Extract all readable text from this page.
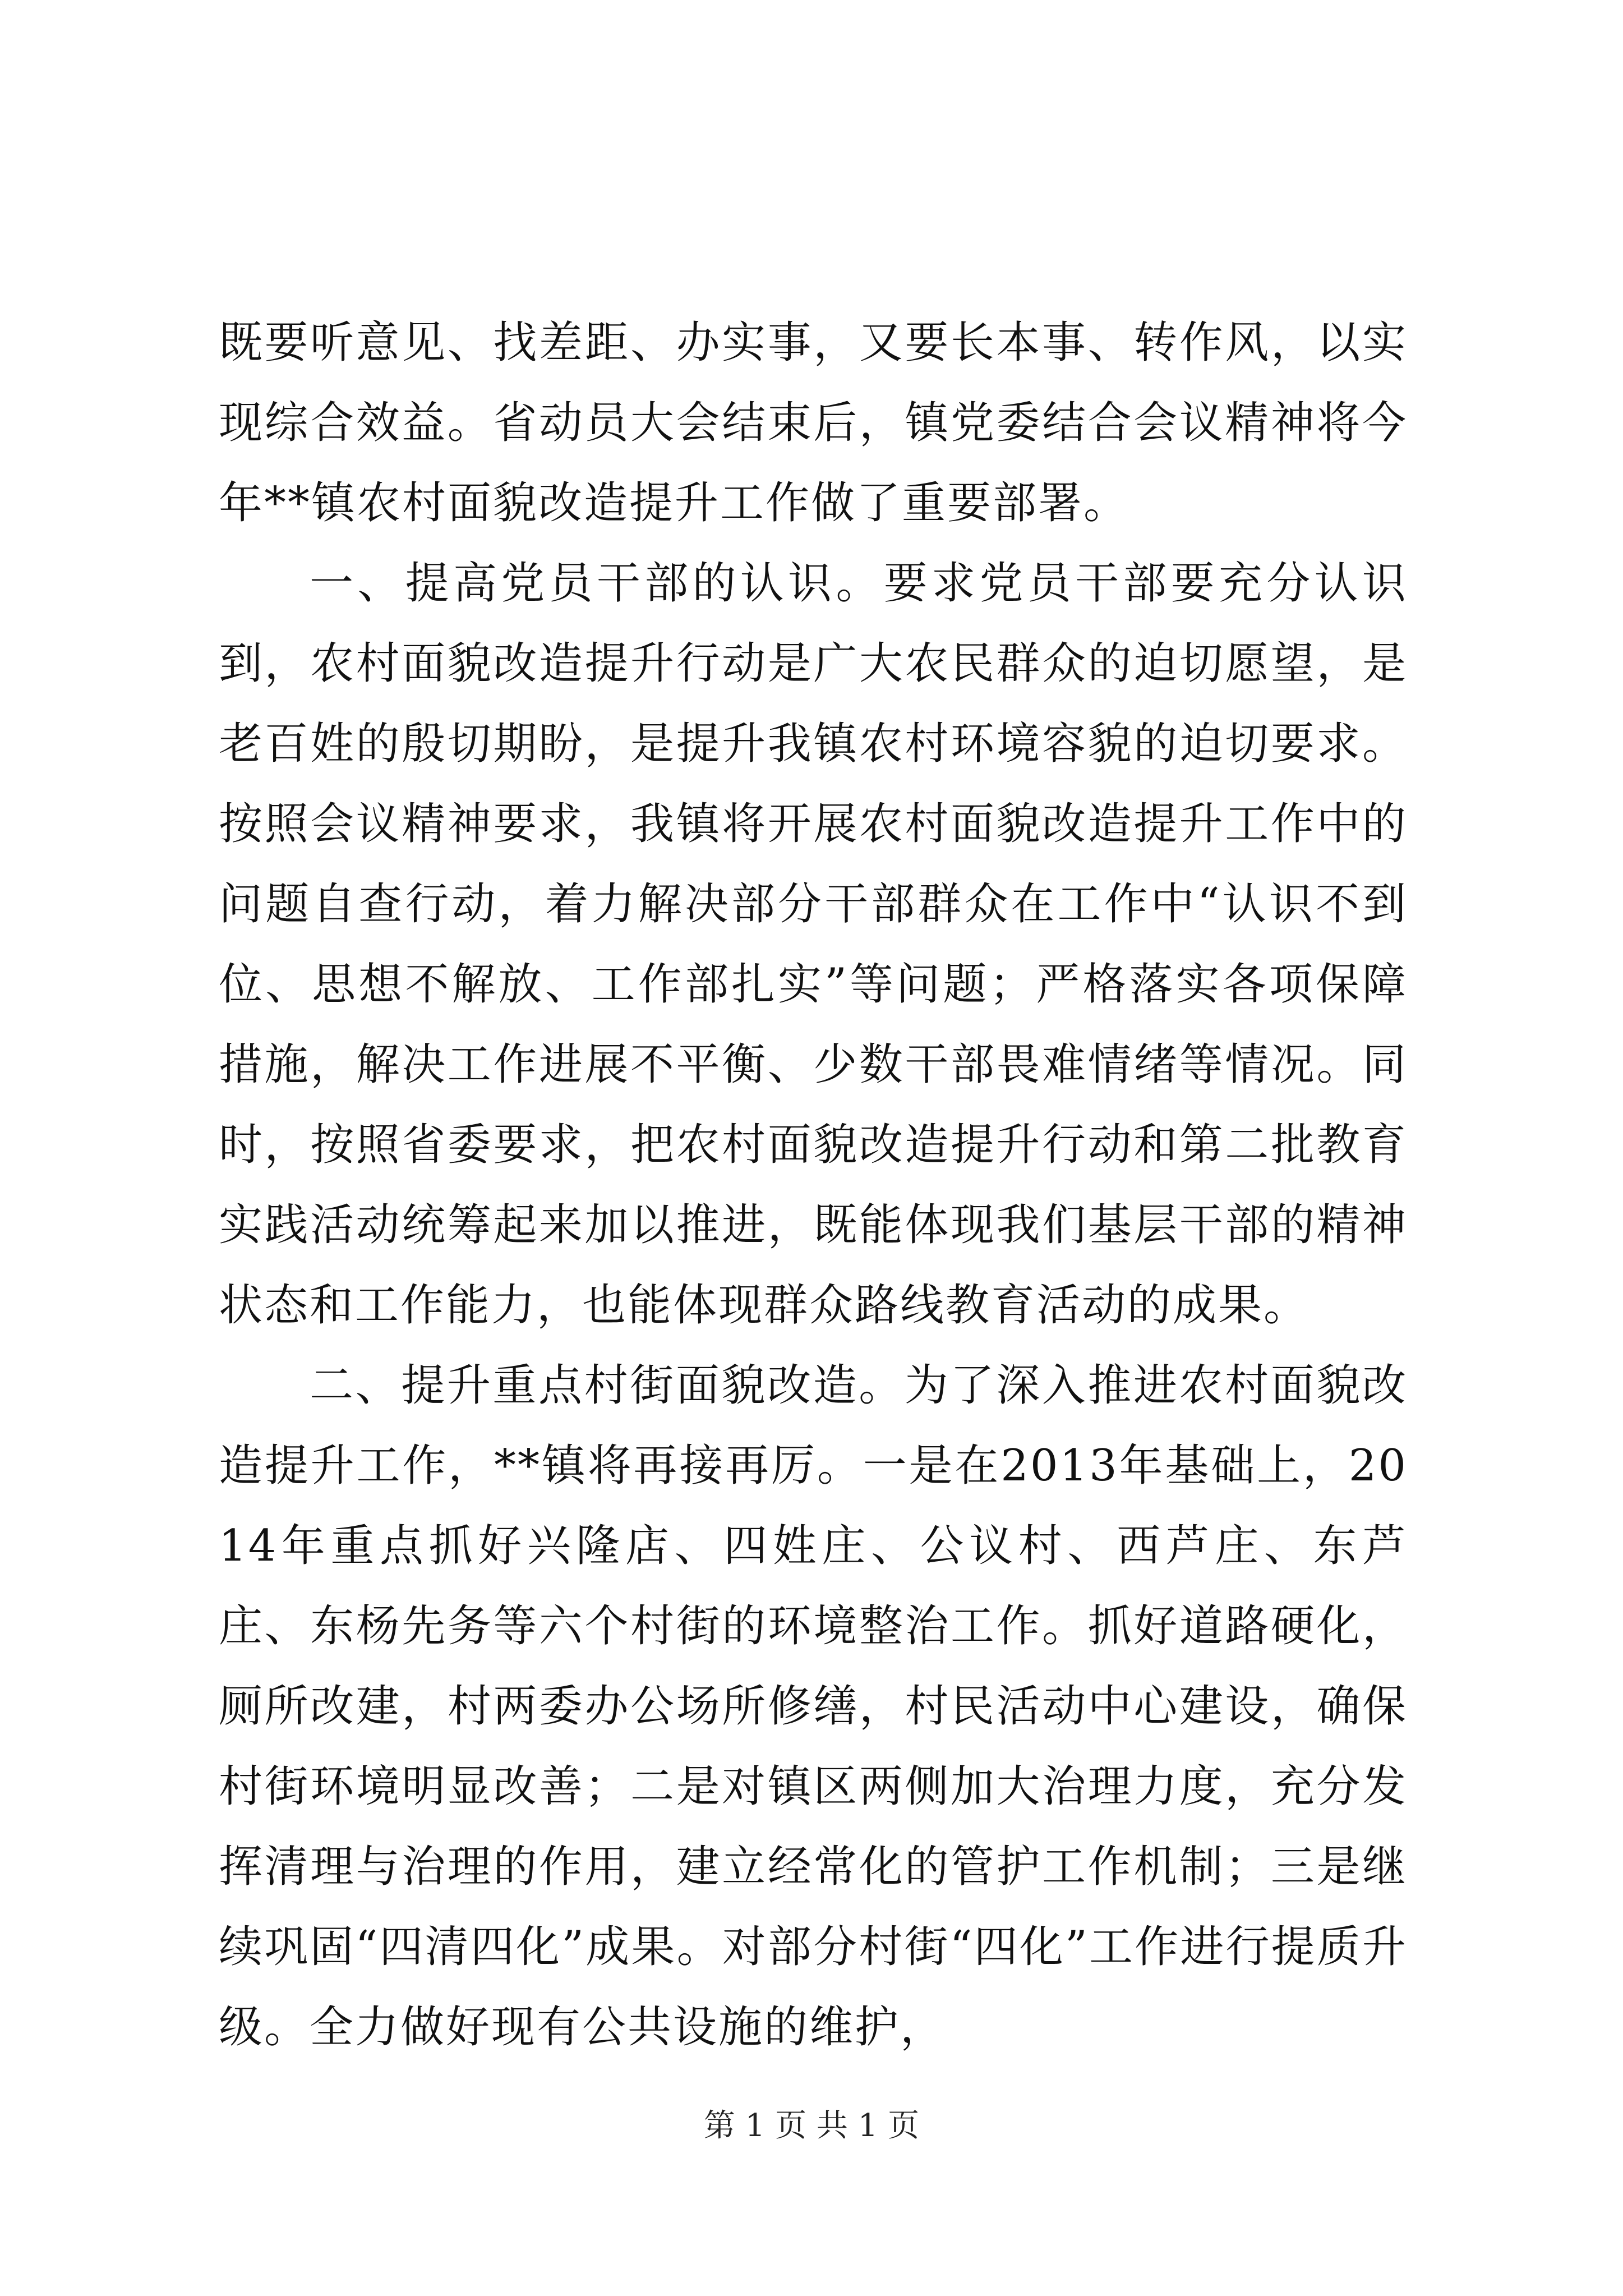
既要听意见、找差距、办实事，又要长本事、转作风，以实现综合效益。省动员大会结束后，镇党委结合会议精神将今年**镇农村面貌改造提升工作做了重要部署。

一、提高党员干部的认识。要求党员干部要充分认识到，农村面貌改造提升行动是广大农民群众的迫切愿望，是老百姓的殷切期盼，是提升我镇农村环境容貌的迫切要求。按照会议精神要求，我镇将开展农村面貌改造提升工作中的问题自查行动，着力解决部分干部群众在工作中“认识不到位、思想不解放、工作部扎实”等问题；严格落实各项保障措施，解决工作进展不平衡、少数干部畏难情绪等情况。同时，按照省委要求，把农村面貌改造提升行动和第二批教育实践活动统筹起来加以推进，既能体现我们基层干部的精神状态和工作能力，也能体现群众路线教育活动的成果。

二、提升重点村街面貌改造。为了深入推进农村面貌改造提升工作，**镇将再接再厉。一是在2013年基础上，2014年重点抓好兴隆店、四姓庄、公议村、西芦庄、东芦庄、东杨先务等六个村街的环境整治工作。抓好道路硬化，厕所改建，村两委办公场所修缮，村民活动中心建设，确保村街环境明显改善；二是对镇区两侧加大治理力度，充分发挥清理与治理的作用，建立经常化的管护工作机制；三是继续巩固“四清四化”成果。对部分村街“四化”工作进行提质升级。全力做好现有公共设施的维护，

第 1 页 共 1 页
